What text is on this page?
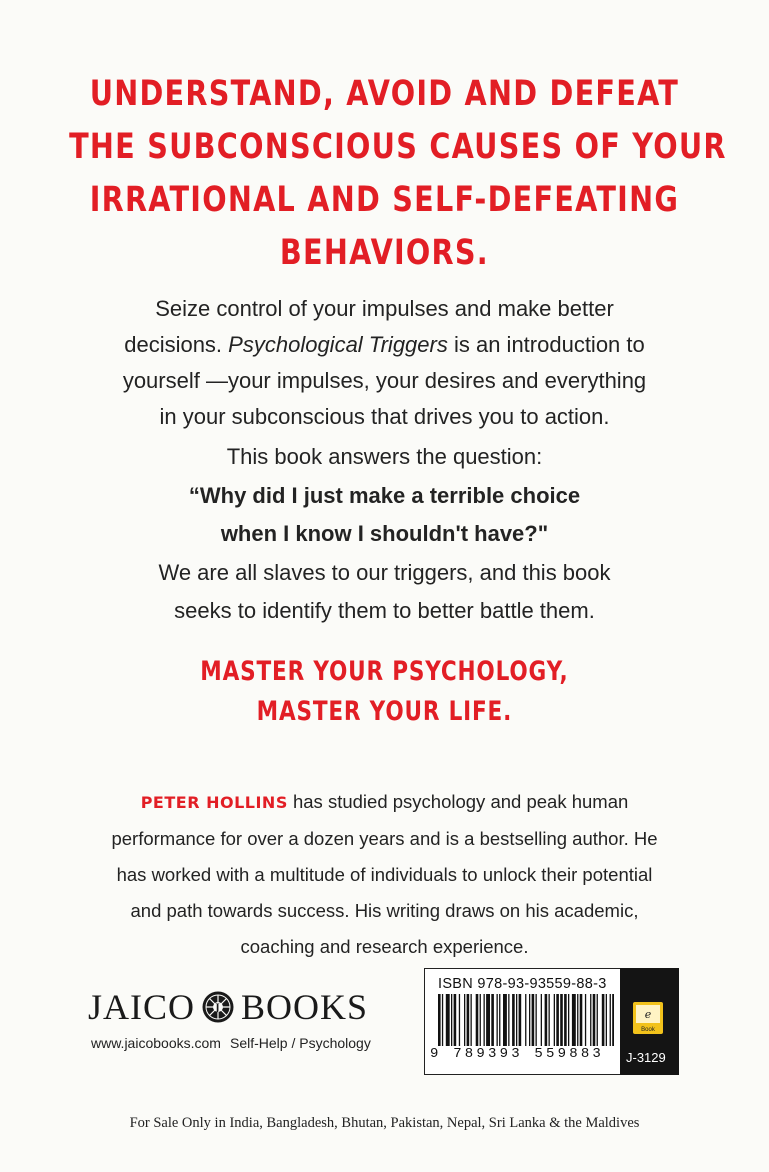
UNDERSTAND, AVOID AND DEFEAT
THE SUBCONSCIOUS CAUSES OF YOUR
IRRATIONAL AND SELF-DEFEATING
BEHAVIORS.
Seize control of your impulses and make better
decisions. Psychological Triggers is an introduction to
yourself —your impulses, your desires and everything
in your subconscious that drives you to action.
This book answers the question:
“Why did I just make a terrible choice
when I know I shouldn't have?"
We are all slaves to our triggers, and this book
seeks to identify them to better battle them.
MASTER YOUR PSYCHOLOGY,
MASTER YOUR LIFE.
PETER HOLLINS has studied psychology and peak human
performance for over a dozen years and is a bestselling author. He
has worked with a multitude of individuals to unlock their potential
and path towards success. His writing draws on his academic,
coaching and research experience.
JAICO J BOOKS
www.jaicobooks.com Self-Help / Psychology
ISBN 978-93-93559-88-3
9 789393 559883
e
Book
J-3129
For Sale Only in India, Bangladesh, Bhutan, Pakistan, Nepal, Sri Lanka & the Maldives
